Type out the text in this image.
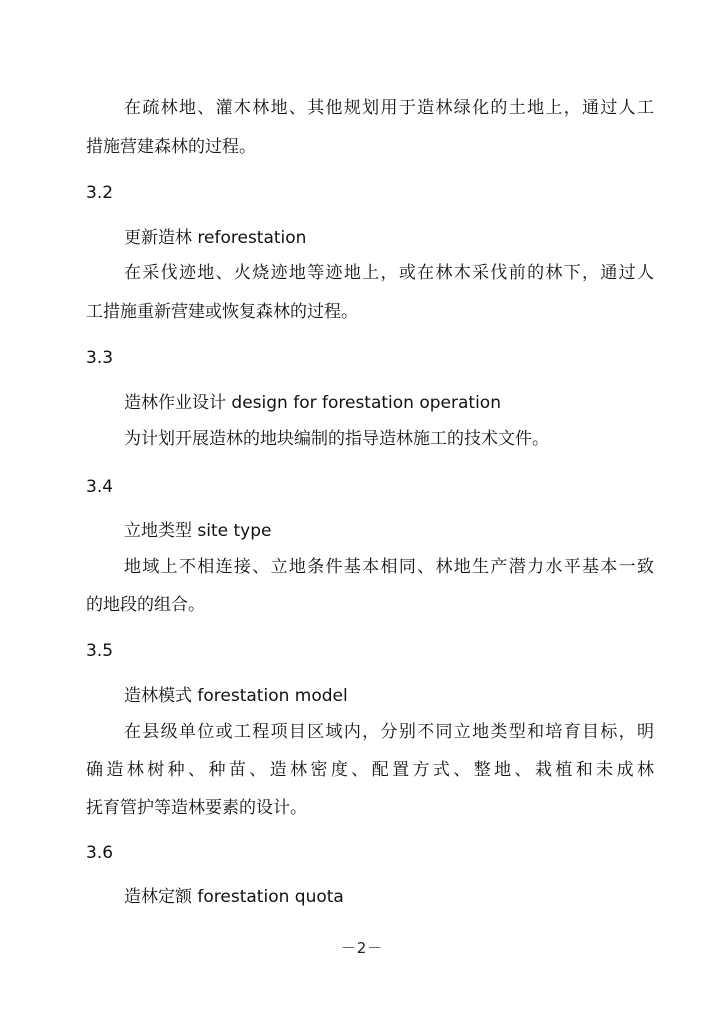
在疏林地、灌木林地、其他规划用于造林绿化的土地上，通过人工
措施营建森林的过程。
3.2
更新造林 reforestation
在采伐迹地、火烧迹地等迹地上，或在林木采伐前的林下，通过人
工措施重新营建或恢复森林的过程。
3.3
造林作业设计 design for forestation operation
为计划开展造林的地块编制的指导造林施工的技术文件。
3.4
立地类型 site type
地域上不相连接、立地条件基本相同、林地生产潜力水平基本一致
的地段的组合。
3.5
造林模式 forestation model
在县级单位或工程项目区域内，分别不同立地类型和培育目标，明
确造林树种、种苗、造林密度、配置方式、整地、栽植和未成林
抚育管护等造林要素的设计。
3.6
造林定额 forestation quota
－2－
